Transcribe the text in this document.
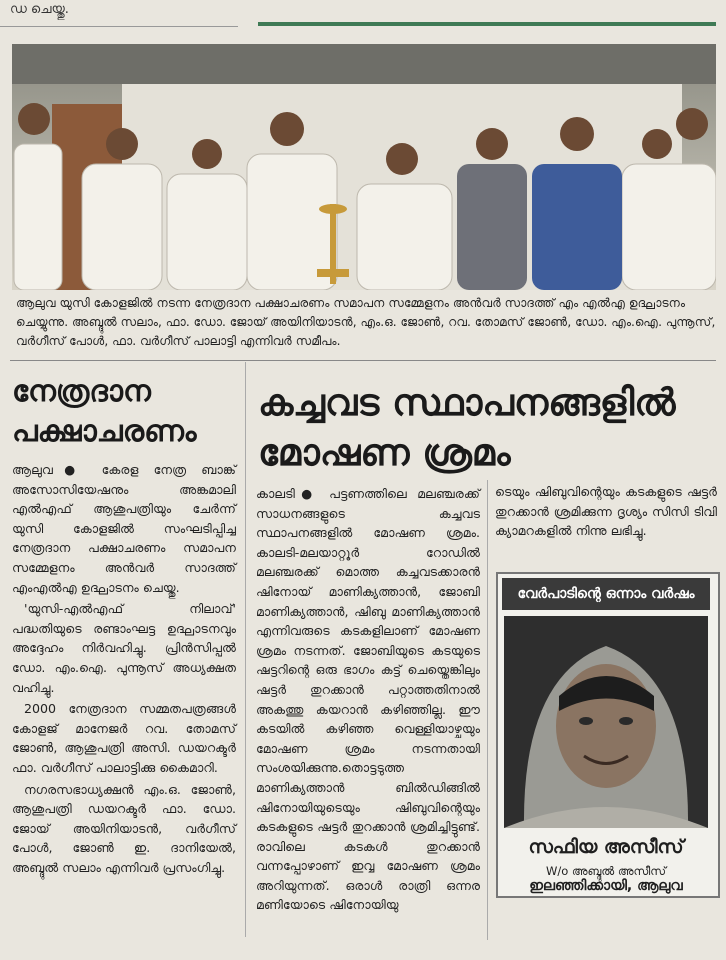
ഡ ചെയ്തു.
ആലുവ യുസി കോളജിൽ നടന്ന നേത്രദാന പക്ഷാചരണം സമാപന സമ്മേളനം അൻവർ സാദത്ത് എം എൽഎ ഉദ്ഘാടനം ചെയ്യുന്നു. അബ്ദുൽ സലാം, ഫാ. ഡോ. ജോയ് അയിനിയാടൻ, എം.ഒ. ജോൺ, റവ. തോമസ് ജോൺ, ഡോ. എം.ഐ. പുന്നൂസ്, വർഗീസ് പോൾ, ഫാ. വർഗീസ് പാലാട്ടി എന്നിവർ സമീപം.
നേത്രദാന പക്ഷാചരണം

ആലുവ● കേരള നേത്ര ബാങ്ക് അസോസിയേഷനും അങ്കമാലി എൽഎഫ് ആശുപത്രിയും ചേർന്ന് യുസി കോളജിൽ സംഘടിപ്പിച്ച നേത്രദാന പക്ഷാചരണം സമാപന സമ്മേളനം അൻവർ സാദത്ത് എംഎൽഎ ഉദ്ഘാടനം ചെയ്തു.

'യുസി-എൽഎഫ് നിലാവ്' പദ്ധതിയുടെ രണ്ടാംഘട്ട ഉദ്ഘാടനവും അദ്ദേഹം നിർവഹിച്ചു. പ്രിൻസിപ്പൽ ഡോ. എം.ഐ. പുന്നൂസ് അധ്യക്ഷത വഹിച്ചു.

2000 നേത്രദാന സമ്മതപത്രങ്ങൾ കോളജ് മാനേജർ റവ. തോമസ് ജോൺ, ആശുപത്രി അസി. ഡയറക്ടർ ഫാ. വർഗീസ് പാലാട്ടിക്കു കൈമാറി.

നഗരസഭാധ്യക്ഷൻ എം.ഒ. ജോൺ, ആശുപത്രി ഡയറക്ടർ ഫാ. ഡോ. ജോയ് അയിനിയാടൻ, വർഗീസ് പോൾ, ജോൺ ഇ. ദാനിയേൽ, അബ്ദുൽ സലാം എന്നിവർ പ്രസംഗിച്ചു.

കച്ചവട സ്ഥാപനങ്ങളിൽ മോഷണ ശ്രമം
കാലടി● പട്ടണത്തിലെ മലഞ്ചരക്ക് സാധനങ്ങളുടെ കച്ചവട സ്ഥാപനങ്ങളിൽ മോഷണ ശ്രമം. കാലടി-മലയാറ്റൂർ റോഡിൽ മലഞ്ചരക്ക് മൊത്ത കച്ചവടക്കാരൻ ഷിനോയ് മാണിക്യത്താൻ, ജോബി മാണിക്യത്താൻ, ഷിബു മാണിക്യത്താൻ എന്നിവരുടെ കടകളിലാണ് മോഷണ ശ്രമം നടന്നത്. ജോബിയുടെ കടയുടെ ഷട്ടറിന്റെ ഒരു ഭാഗം കട്ട് ചെയ്തെങ്കിലും ഷട്ടർ തുറക്കാൻ പറ്റാത്തതിനാൽ അകത്തു കയറാൻ കഴിഞ്ഞില്ല. ഈ കടയിൽ കഴിഞ്ഞ വെള്ളിയാഴ്ചയും മോഷണ ശ്രമം നടന്നതായി സംശയിക്കുന്നു.തൊട്ടടുത്ത മാണിക്യത്താൻ ബിൽഡിങ്ങിൽ ഷിനോയിയുടെയും ഷിബുവിന്റെയും കടകളുടെ ഷട്ടർ തുറക്കാൻ ശ്രമിച്ചിട്ടുണ്ട്. രാവിലെ കടകൾ തുറക്കാൻ വന്നപ്പോഴാണ് ഇവ്വ മോഷണ ശ്രമം അറിയുന്നത്. ഒരാൾ രാത്രി ഒന്നര മണിയോടെ ഷിനോയിയു
ടെയും ഷിബുവിന്റെയും കടകളുടെ ഷട്ടർ തുറക്കാൻ ശ്രമിക്കുന്ന ദൃശ്യം സിസി ടിവി ക്യാമറകളിൽ നിന്നു ലഭിച്ചു.
വേർപാടിന്റെ ഒന്നാം വർഷം
സഫിയ അസീസ്
W/o അബ്ദുൽ അസീസ്
ഇലഞ്ഞിക്കായി, ആലുവ
